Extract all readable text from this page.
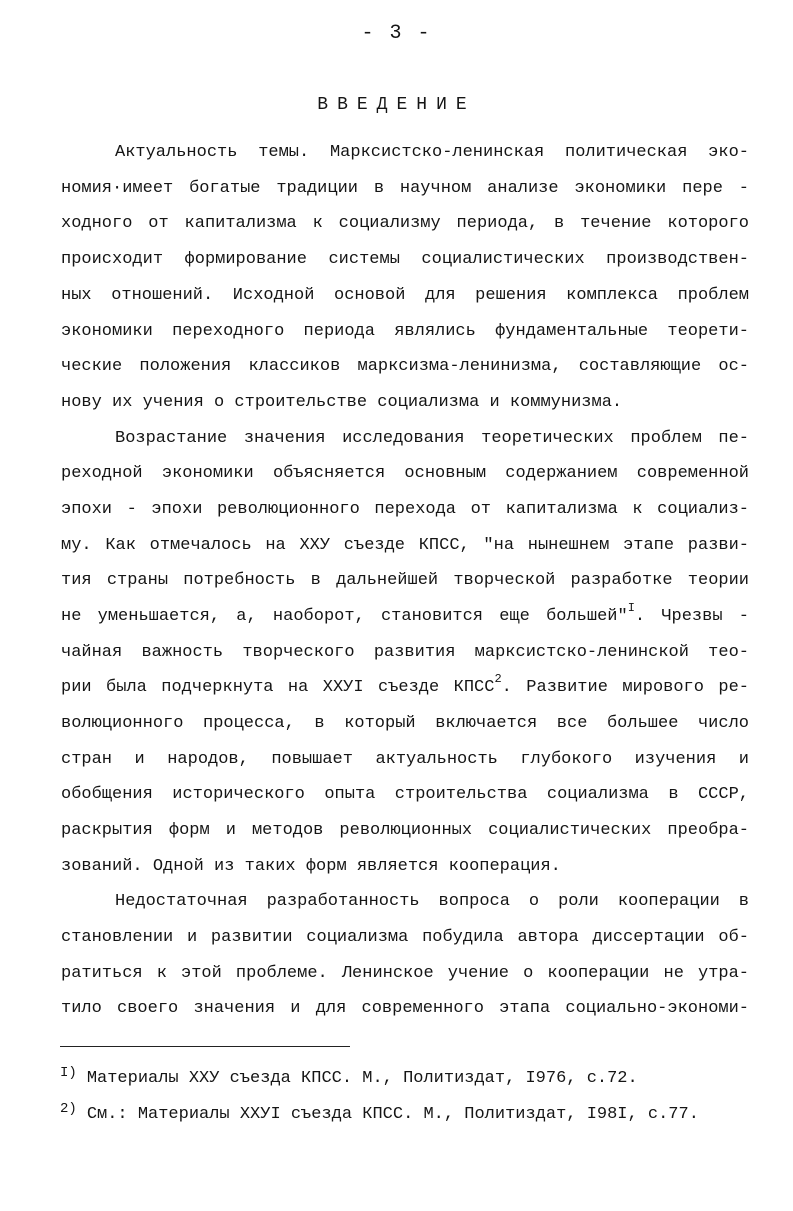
- 3 -
ВВЕДЕНИЕ
Актуальность темы. Марксистско-ленинская политическая эко-
номия·имеет богатые традиции в научном анализе экономики пере -
ходного от капитализма к социализму периода, в течение которого
происходит формирование системы социалистических производствен-
ных отношений. Исходной основой для решения комплекса проблем
экономики переходного периода являлись фундаментальные теорети-
ческие положения классиков марксизма-ленинизма, составляющие ос-
нову их учения о строительстве социализма и коммунизма.
Возрастание значения исследования теоретических проблем пе-
реходной экономики объясняется основным содержанием современной
эпохи - эпохи революционного перехода от капитализма к социализ-
му. Как отмечалось на ХХУ съезде КПСС, "на нынешнем этапе разви-
тия страны потребность в дальнейшей творческой разработке теории
не уменьшается, а, наоборот, становится еще большей"$^I$. Чрезвы -
чайная важность творческого развития марксистско-ленинской тео-
рии была подчеркнута на ХХУI съезде КПСС$^2$. Развитие мирового ре-
волюционного процесса, в который включается все большее число
стран и народов, повышает актуальность глубокого изучения и
обобщения исторического опыта строительства социализма в СССР,
раскрытия форм и методов революционных социалистических преобра-
зований. Одной из таких форм является кооперация.
Недостаточная разработанность вопроса о роли кооперации в
становлении и развитии социализма побудила автора диссертации об-
ратиться к этой проблеме. Ленинское учение о кооперации не утра-
тило своего значения и для современного этапа социально-экономи-
$^{I)}$ Материалы ХХУ съезда КПСС. М., Политиздат, I976, с.72.
$^{2)}$ См.: Материалы ХХУI съезда КПСС. М., Политиздат, I98I, с.77.
